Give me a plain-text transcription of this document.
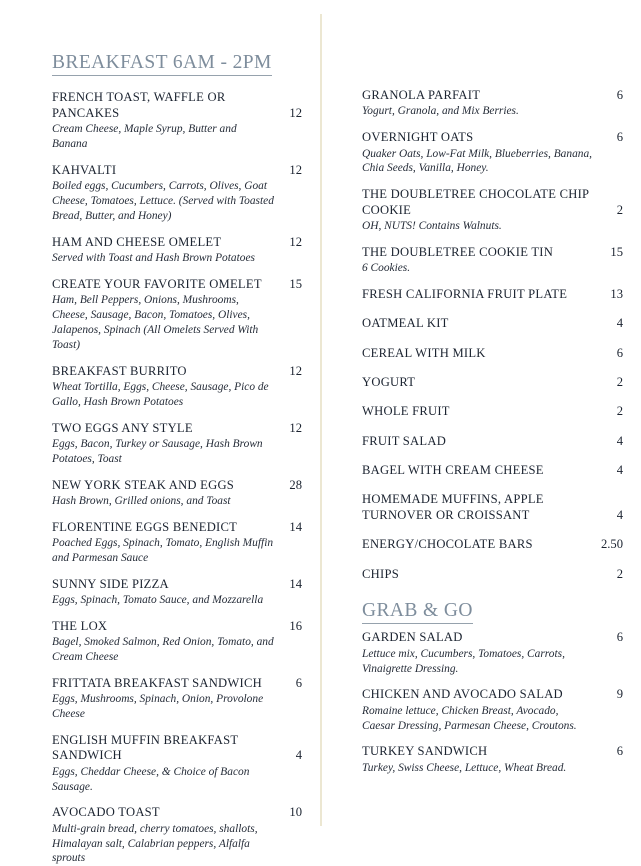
BREAKFAST 6AM - 2PM
FRENCH TOAST, WAFFLE OR PANCAKES	12
Cream Cheese, Maple Syrup, Butter and Banana
KAHVALTI	12
Boiled eggs, Cucumbers, Carrots, Olives, Goat Cheese, Tomatoes, Lettuce. (Served with Toasted Bread, Butter, and Honey)
HAM AND CHEESE OMELET	12
Served with Toast and Hash Brown Potatoes
CREATE YOUR FAVORITE OMELET	15
Ham, Bell Peppers, Onions, Mushrooms, Cheese, Sausage, Bacon, Tomatoes, Olives, Jalapenos, Spinach (All Omelets Served With Toast)
BREAKFAST BURRITO	12
Wheat Tortilla, Eggs, Cheese, Sausage, Pico de Gallo, Hash Brown Potatoes
TWO EGGS ANY STYLE	12
Eggs, Bacon, Turkey or Sausage, Hash Brown Potatoes, Toast
NEW YORK STEAK AND EGGS	28
Hash Brown, Grilled onions, and Toast
FLORENTINE EGGS BENEDICT	14
Poached Eggs, Spinach, Tomato, English Muffin and Parmesan Sauce
SUNNY SIDE PIZZA	14
Eggs, Spinach, Tomato Sauce, and Mozzarella
THE LOX	16
Bagel, Smoked Salmon, Red Onion, Tomato, and Cream Cheese
FRITTATA BREAKFAST SANDWICH	6
Eggs, Mushrooms, Spinach, Onion, Provolone Cheese
ENGLISH MUFFIN BREAKFAST SANDWICH	4
Eggs, Cheddar Cheese, & Choice of Bacon Sausage.
AVOCADO TOAST	10
Multi-grain bread, cherry tomatoes, shallots, Himalayan salt, Calabrian peppers, Alfalfa sprouts
GRANOLA PARFAIT	6
Yogurt, Granola, and Mix Berries.
OVERNIGHT OATS	6
Quaker Oats, Low-Fat Milk, Blueberries, Banana, Chia Seeds, Vanilla, Honey.
THE DOUBLETREE CHOCOLATE CHIP COOKIE	2
OH, NUTS! Contains Walnuts.
THE DOUBLETREE COOKIE TIN	15
6 Cookies.
FRESH CALIFORNIA FRUIT PLATE	13
OATMEAL KIT	4
CEREAL WITH MILK	6
YOGURT	2
WHOLE FRUIT	2
FRUIT SALAD	4
BAGEL WITH CREAM CHEESE	4
HOMEMADE MUFFINS, APPLE TURNOVER OR CROISSANT	4
ENERGY/CHOCOLATE BARS	2.50
CHIPS	2
GRAB & GO
GARDEN SALAD	6
Lettuce mix, Cucumbers, Tomatoes, Carrots, Vinaigrette Dressing.
CHICKEN AND AVOCADO SALAD	9
Romaine lettuce, Chicken Breast, Avocado, Caesar Dressing, Parmesan Cheese, Croutons.
TURKEY SANDWICH	6
Turkey, Swiss Cheese, Lettuce, Wheat Bread.
